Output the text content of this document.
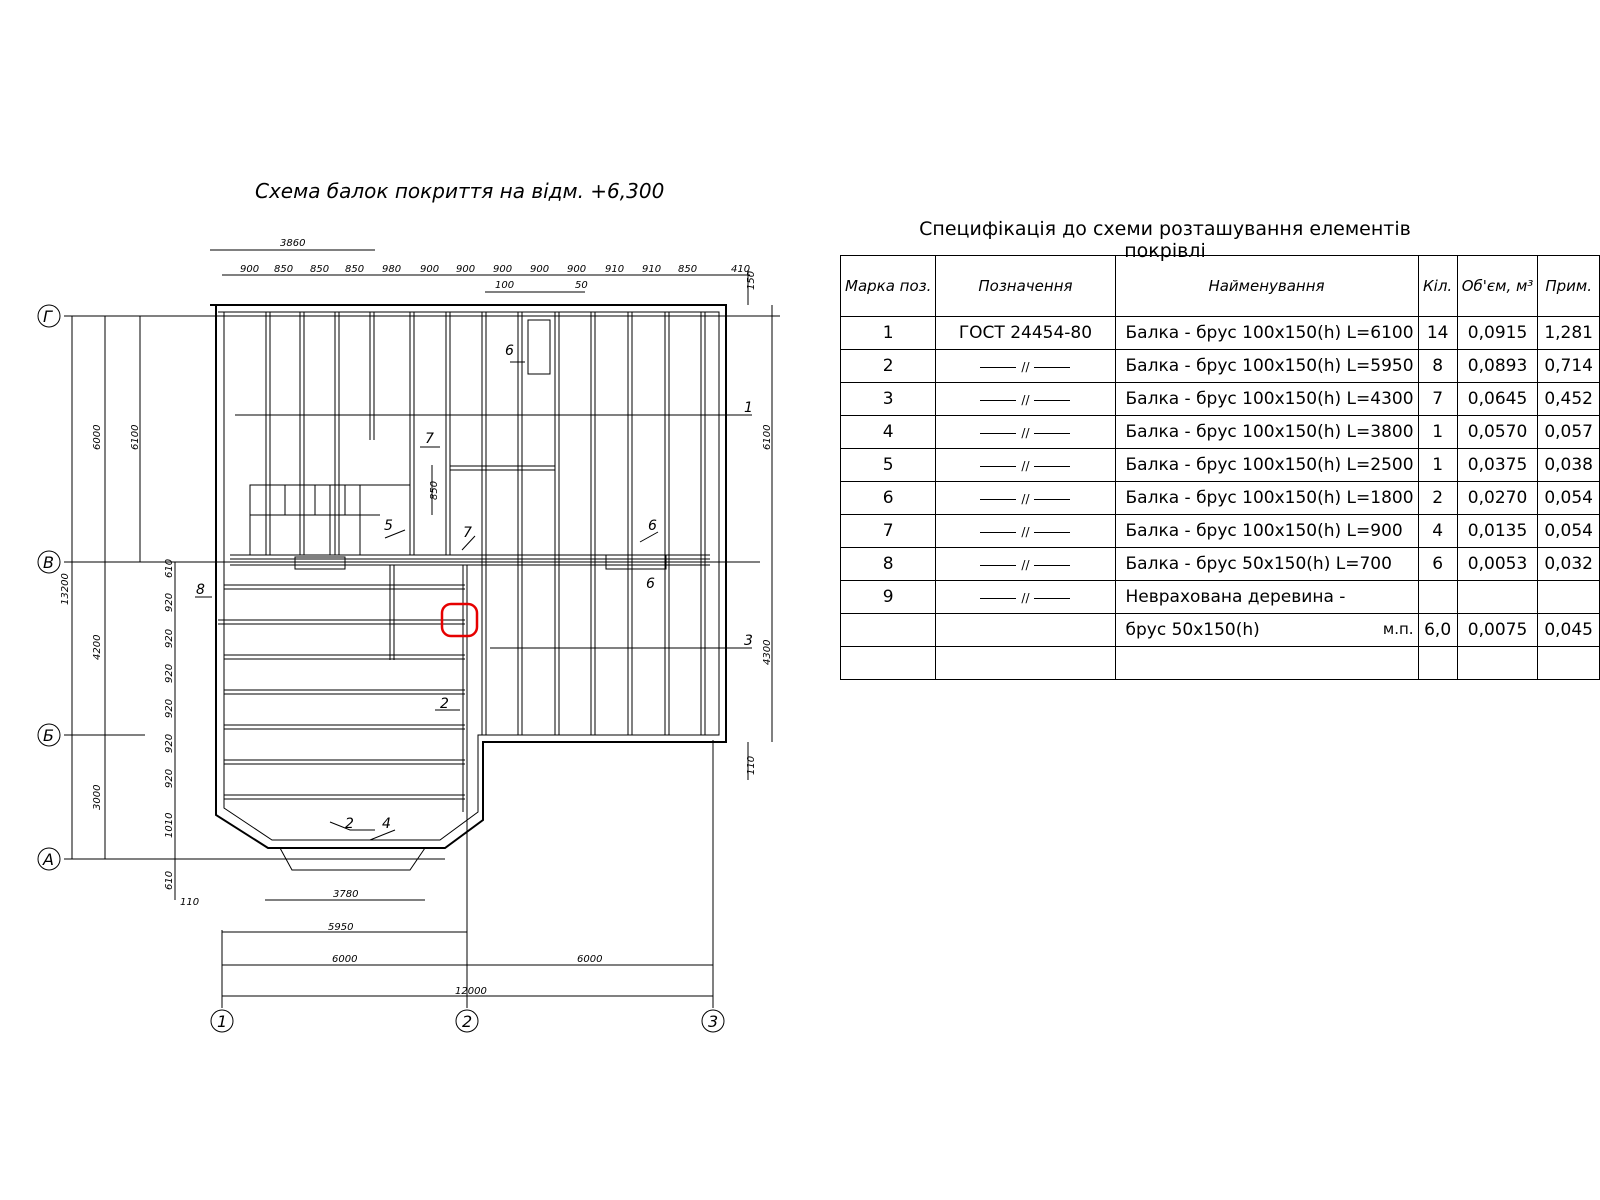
Схема балок покриття на відм. +6,300
Г
В
Б
А
1	2	3
3860
900 850 850 850 980 900 900 900 900 900 910 910 850	410
100	50	150
6000	6100
4200
3000
13200
610
920
920
920
920
920
920
1010
610
110
6100
4300
110
3780
5950
6000	6000
12000
850
1
2
2
3
4
5
6
6
6
7
7
8
Специфікація до схеми розташування елементів покрівлі
Марка поз.	Позначення	Найменування	Кіл.	Об'єм, м³	Прим.
1	ГОСТ 24454-80	Балка - брус 100х150(h) L=6100	14	0,0915	1,281
2	//	Балка - брус 100х150(h) L=5950	8	0,0893	0,714
3	//	Балка - брус 100х150(h) L=4300	7	0,0645	0,452
4	//	Балка - брус 100х150(h) L=3800	1	0,0570	0,057
5	//	Балка - брус 100х150(h) L=2500	1	0,0375	0,038
6	//	Балка - брус 100х150(h) L=1800	2	0,0270	0,054
7	//	Балка - брус 100х150(h) L=900	4	0,0135	0,054
8	//	Балка - брус 50х150(h) L=700	6	0,0053	0,032
9	//	Неврахована деревина -			
		брус 50х150(h) м.п.	6,0	0,0075	0,045
